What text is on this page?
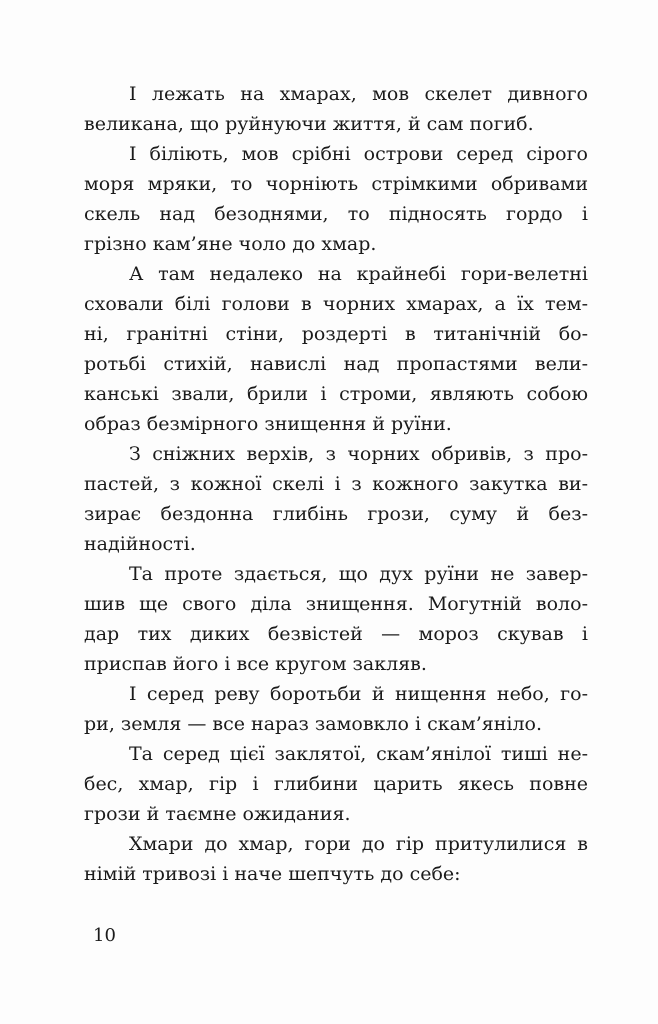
І лежать на хмарах, мов скелет дивного
великана, що руйнуючи життя, й сам погиб.

І біліють, мов срібні острови серед сірого
моря мряки, то чорніють стрімкими обривами
скель над безоднями, то підносять гордо і
грізно кам’яне чоло до хмар.

А там недалеко на крайнебі гори-велетні
сховали білі голови в чорних хмарах, а їх тем-
ні, гранітні стіни, роздерті в титанічній бо-
ротьбі стихій, навислі над пропастями вели-
канські звали, брили і строми, являють собою
образ безмірного знищення й руїни.

З сніжних верхів, з чорних обривів, з про-
пастей, з кожної скелі і з кожного закутка ви-
зирає бездонна глибінь грози, суму й без-
надійності.

Та проте здається, що дух руїни не завер-
шив ще свого діла знищення. Могутній воло-
дар тих диких безвістей — мороз скував і
приспав його і все кругом закляв.

І серед реву боротьби й нищення небо, го-
ри, земля — все нараз замовкло і скам’яніло.

Та серед цієї заклятої, скам’янілої тиші не-
бес, хмар, гір і глибини царить якесь повне
грози й таємне ожидания.

Хмари до хмар, гори до гір притулилися в
німій тривозі і наче шепчуть до себе:

10
